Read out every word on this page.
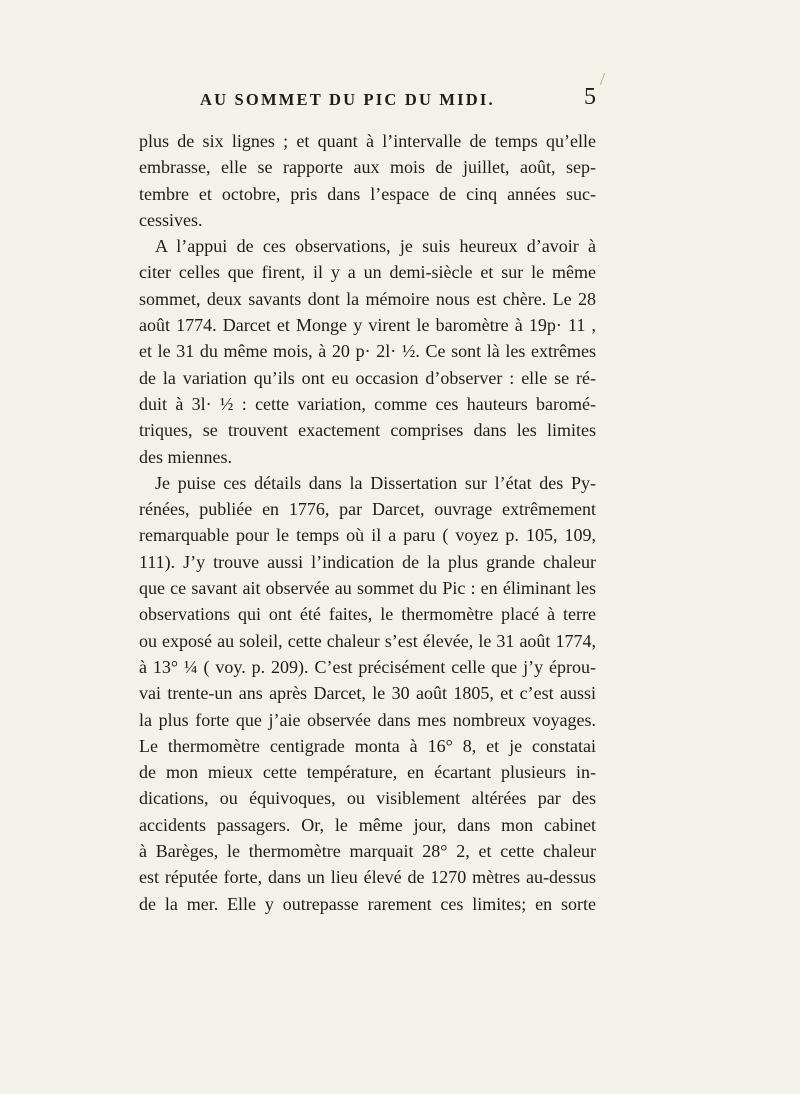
AU SOMMET DU PIC DU MIDI.	5
plus de six lignes ; et quant à l’intervalle de temps qu’elle
embrasse, elle se rapporte aux mois de juillet, août, sep-
tembre et octobre, pris dans l’espace de cinq années suc-
cessives.
A l’appui de ces observations, je suis heureux d’avoir à
citer celles que firent, il y a un demi-siècle et sur le même
sommet, deux savants dont la mémoire nous est chère. Le 28
août 1774. Darcet et Monge y virent le baromètre à 19p· 11 ,
et le 31 du même mois, à 20 p· 2l· ½. Ce sont là les extrêmes
de la variation qu’ils ont eu occasion d’observer : elle se ré-
duit à 3l· ½ : cette variation, comme ces hauteurs baromé-
triques, se trouvent exactement comprises dans les limites
des miennes.
Je puise ces détails dans la Dissertation sur l’état des Py-
rénées, publiée en 1776, par Darcet, ouvrage extrêmement
remarquable pour le temps où il a paru ( voyez p. 105, 109,
111). J’y trouve aussi l’indication de la plus grande chaleur
que ce savant ait observée au sommet du Pic : en éliminant les
observations qui ont été faites, le thermomètre placé à terre
ou exposé au soleil, cette chaleur s’est élevée, le 31 août 1774,
à 13° ¼ ( voy. p. 209). C’est précisément celle que j’y éprou-
vai trente-un ans après Darcet, le 30 août 1805, et c’est aussi
la plus forte que j’aie observée dans mes nombreux voyages.
Le thermomètre centigrade monta à 16° 8, et je constatai
de mon mieux cette température, en écartant plusieurs in-
dications, ou équivoques, ou visiblement altérées par des
accidents passagers. Or, le même jour, dans mon cabinet
à Barèges, le thermomètre marquait 28° 2, et cette chaleur
est réputée forte, dans un lieu élevé de 1270 mètres au-dessus
de la mer. Elle y outrepasse rarement ces limites; en sorte
